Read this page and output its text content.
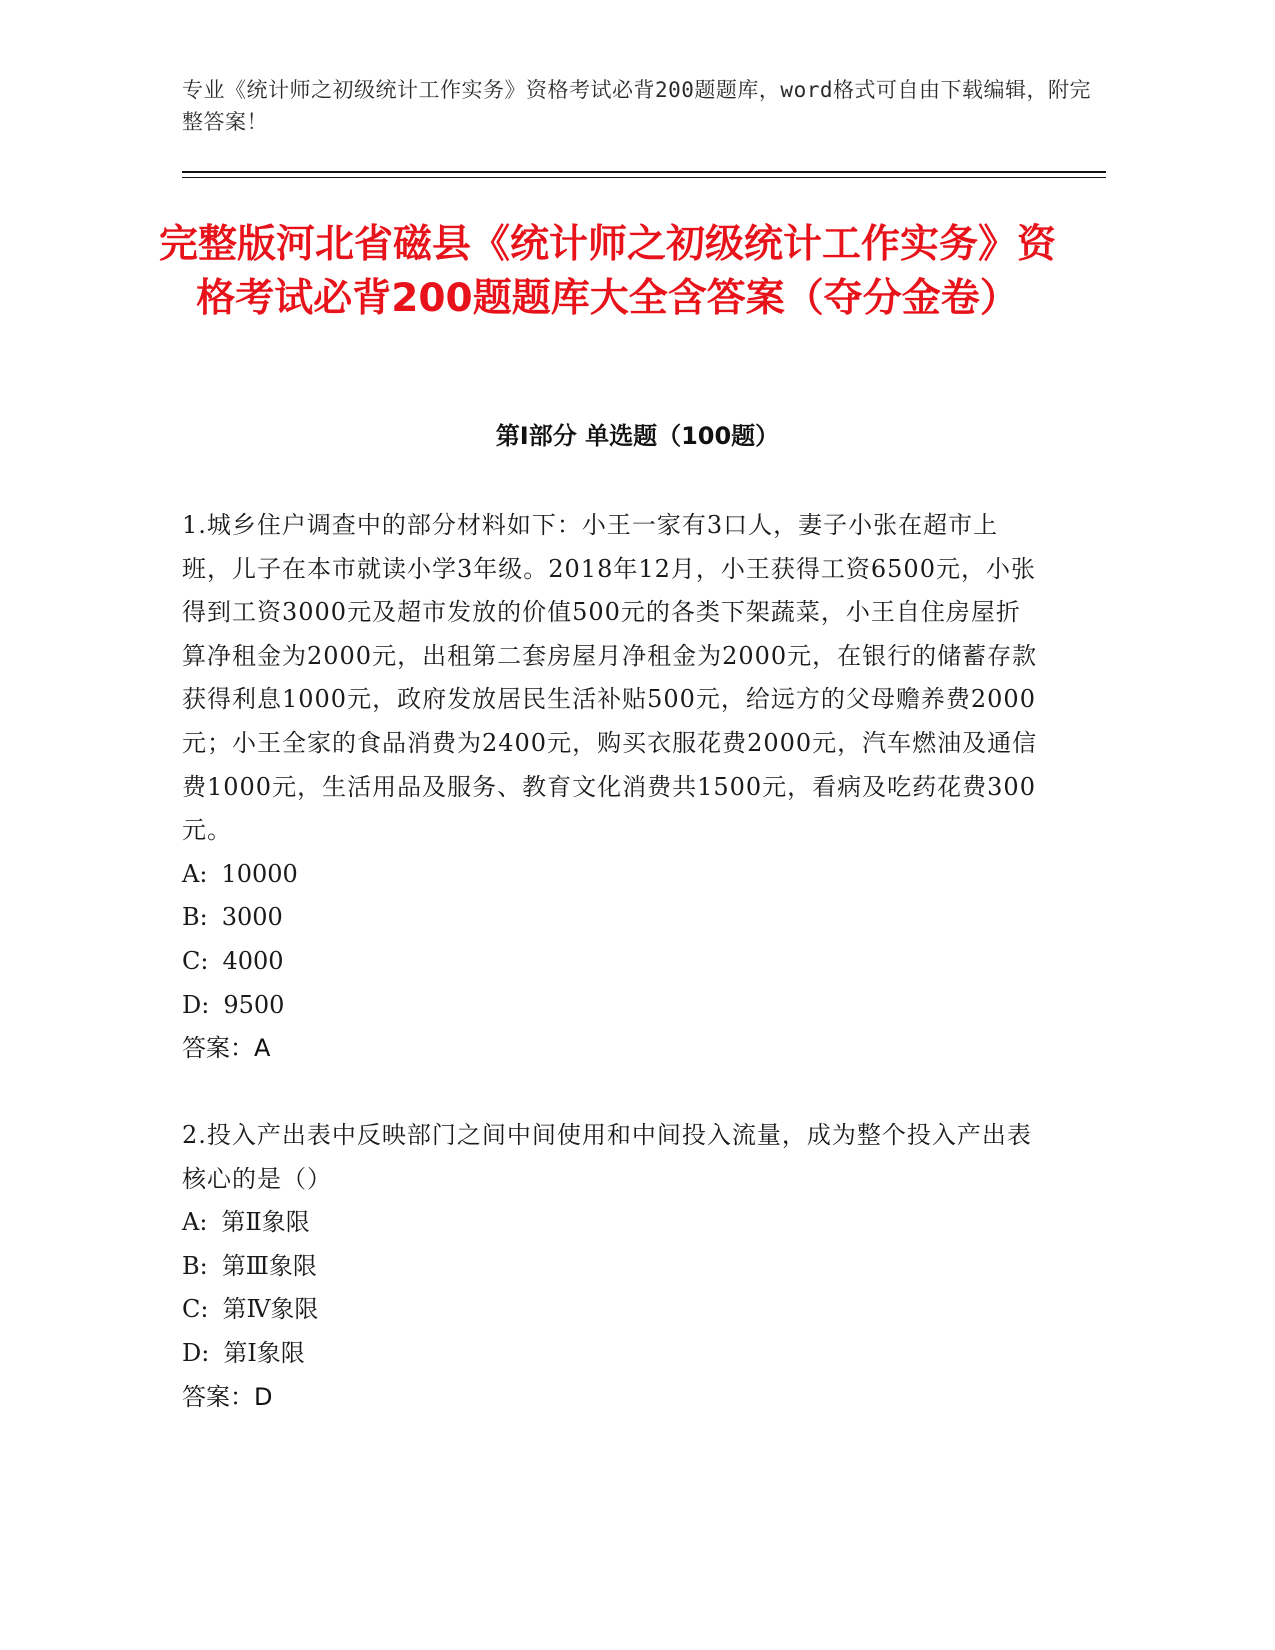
专业《统计师之初级统计工作实务》资格考试必背200题题库，word格式可自由下载编辑，附完整答案！
完整版河北省磁县《统计师之初级统计工作实务》资格考试必背200题题库大全含答案（夺分金卷）
第I部分 单选题（100题）

1.城乡住户调查中的部分材料如下：小王一家有3口人，妻子小张在超市上班，儿子在本市就读小学3年级。2018年12月，小王获得工资6500元，小张得到工资3000元及超市发放的价值500元的各类下架蔬菜，小王自住房屋折算净租金为2000元，出租第二套房屋月净租金为2000元，在银行的储蓄存款获得利息1000元，政府发放居民生活补贴500元，给远方的父母赡养费2000元；小王全家的食品消费为2400元，购买衣服花费2000元，汽车燃油及通信费1000元，生活用品及服务、教育文化消费共1500元，看病及吃药花费300元。

A: 10000
B: 3000
C: 4000
D: 9500
答案： A

2.投入产出表中反映部门之间中间使用和中间投入流量，成为整个投入产出表核心的是（）

A: 第Ⅱ象限
B: 第Ⅲ象限
C: 第Ⅳ象限
D: 第Ⅰ象限
答案： D
